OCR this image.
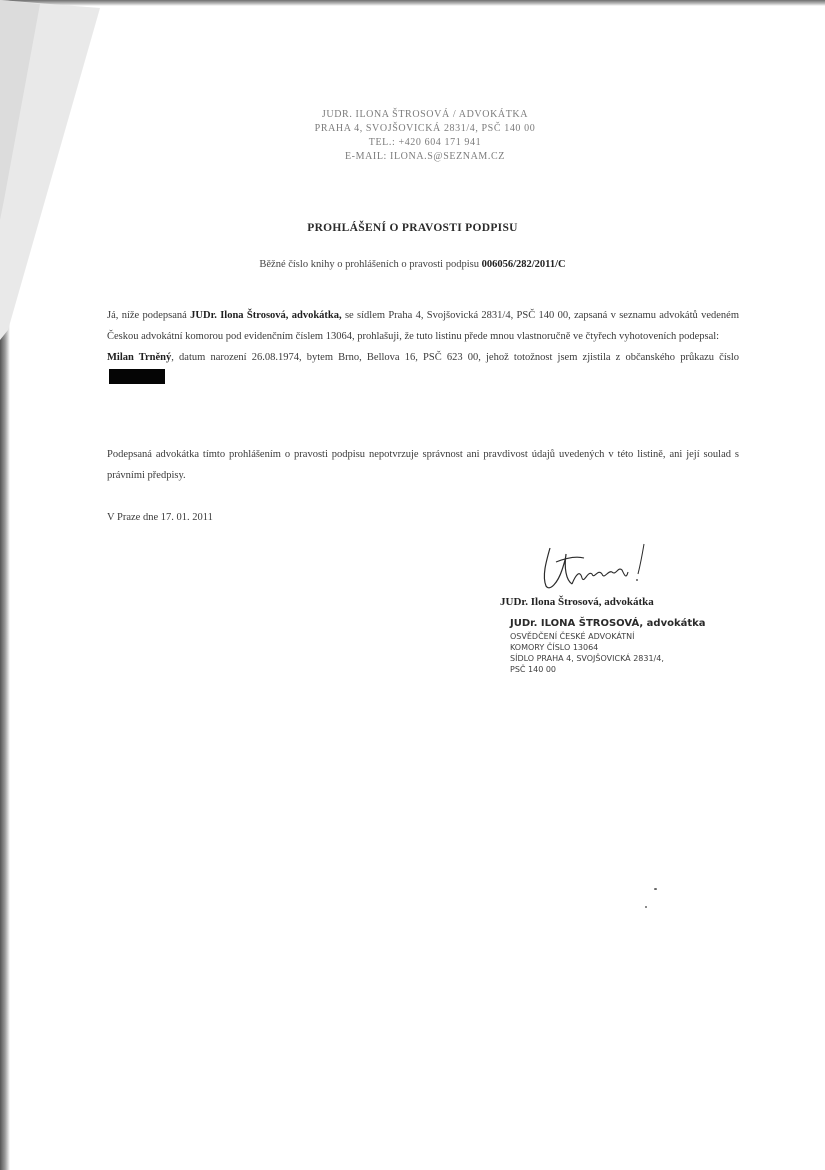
JUDR. ILONA ŠTROSOVÁ / ADVOKÁTKA
PRAHA 4, SVOJŠOVICKÁ 2831/4, PSČ 140 00
TEL.: +420 604 171 941
E-MAIL: ILONA.S@SEZNAM.CZ
PROHLÁŠENÍ O PRAVOSTI PODPISU
Běžné číslo knihy o prohlášeních o pravosti podpisu 006056/282/2011/C
Já, níže podepsaná JUDr. Ilona Štrosová, advokátka, se sídlem Praha 4, Svojšovická 2831/4, PSČ 140 00, zapsaná v seznamu advokátů vedeném Českou advokátní komorou pod evidenčním číslem 13064, prohlašuji, že tuto listinu přede mnou vlastnoručně ve čtyřech vyhotoveních podepsal:
Milan Trněný, datum narození 26.08.1974, bytem Brno, Bellova 16, PSČ 623 00, jehož totožnost jsem zjistila z občanského průkazu číslo
Podepsaná advokátka tímto prohlášením o pravosti podpisu nepotvrzuje správnost ani pravdivost údajů uvedených v této listině, ani její soulad s právními předpisy.
V Praze dne 17. 01. 2011
JUDr. Ilona Štrosová, advokátka
JUDr. ILONA ŠTROSOVÁ, advokátka
OSVĚDČENÍ ČESKÉ ADVOKÁTNÍ
KOMORY ČÍSLO 13064
SÍDLO PRAHA 4, SVOJŠOVICKÁ 2831/4,
PSČ 140 00
